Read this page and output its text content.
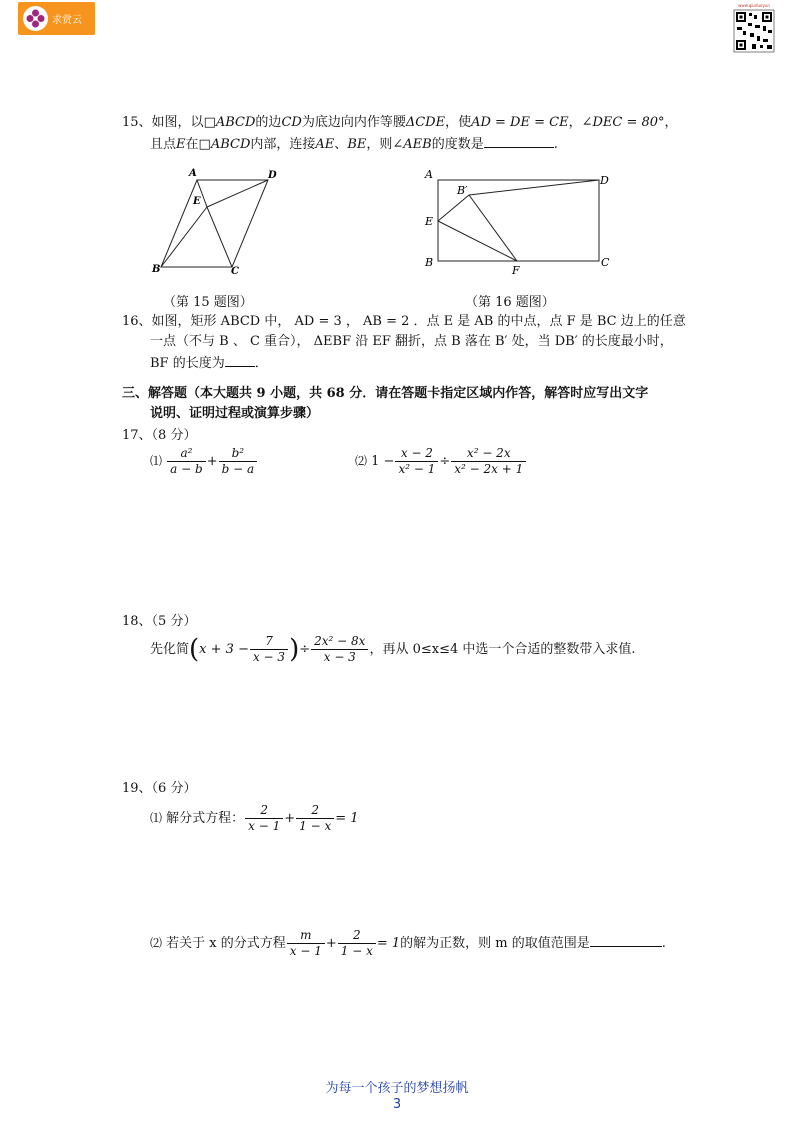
求赏云
www.qiuduoyun
15、如图，以□ABCD的边CD为底边向内作等腰ΔCDE，使AD = DE = CE，∠DEC = 80°，
且点E在□ABCD内部，连接AE、BE，则∠AEB的度数是	.
A	D
E
B	C
A	D
B′
E
B
F
C
（第 15 题图）	（第 16 题图）
16、如图，矩形 ABCD 中， AD = 3 ， AB = 2 ．点 E 是 AB 的中点，点 F 是 BC 边上的任意
一点（不与 B 、 C 重合）， ΔEBF 沿 EF 翻折，点 B 落在 B′ 处，当 DB′ 的长度最小时，
BF 的长度为 ．
三、解答题（本大题共 9 小题，共 68 分．请在答题卡指定区域内作答，解答时应写出文字
说明、证明过程或演算步骤）
17、（8 分）
⑴ $\frac{\text{a²}}{a - b} + \frac{\text{b²}}{b - a}$	⑵ $1 - \frac{x - 2}{\text{x² − 1}} \div \frac{\text{x² − 2x}}{\text{x² − 2x + 1}}$
18、（5 分）
先化简($x + 3 - \frac{7}{x - 3}$ )÷ $\frac{\text{2x² − 8x}}{x - 3}$ ，再从 0≤x≤4 中选一个合适的整数带入求值.
19、（6 分）
⑴ 解分式方程： $\frac{2}{x - 1} + \frac{2}{1 - x} = 1$
⑵ 若关于 x 的分式方程 $\frac{m}{x - 1} + \frac{2}{1 - x} = 1$的解为正数，则 m 的取值范围是	.
为每一个孩子的梦想扬帆
3
